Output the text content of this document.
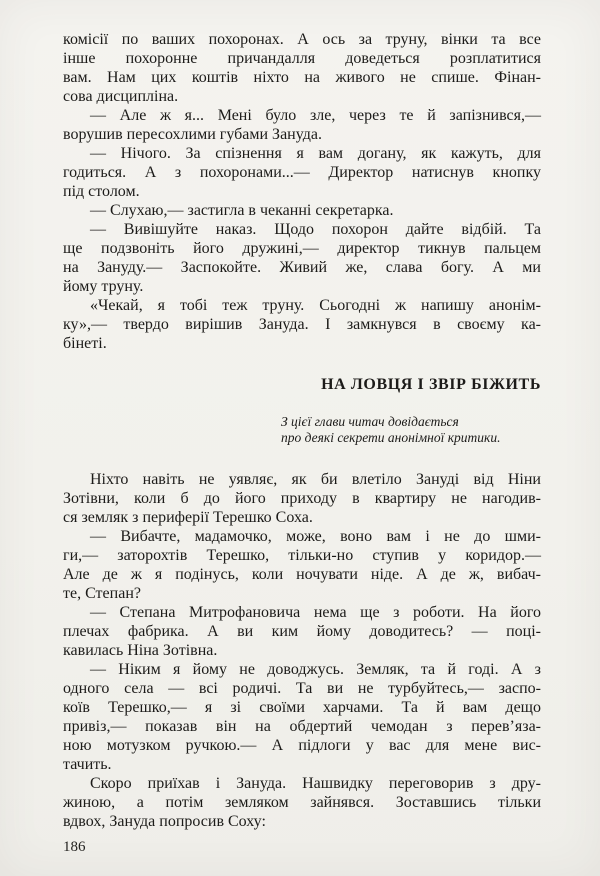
комісії по ваших похоронах. А ось за труну, вінки та все
інше похоронне причандалля доведеться розплатитися
вам. Нам цих коштів ніхто на живого не спише. Фінан-
сова дисципліна.

— Але ж я... Мені було зле, через те й запізнився,—
ворушив пересохлими губами Зануда.

— Нічого. За спізнення я вам догану, як кажуть, для
годиться. А з похоронами...— Директор натиснув кнопку
під столом.

— Слухаю,— застигла в чеканні секретарка.

— Вивішуйте наказ. Щодо похорон дайте відбій. Та
ще подзвоніть його дружині,— директор тикнув пальцем
на Зануду.— Заспокойте. Живий же, слава богу. А ми
йому труну.

«Чекай, я тобі теж труну. Сьогодні ж напишу анонім-
ку»,— твердо вирішив Зануда. І замкнувся в своєму ка-
бінеті.

НА ЛОВЦЯ І ЗВІР БІЖИТЬ
З цієї глави читач довідається
про деякі секрети анонімної критики.

Ніхто навіть не уявляє, як би влетіло Зануді від Ніни
Зотівни, коли б до його приходу в квартиру не нагодив-
ся земляк з периферії Терешко Соха.

— Вибачте, мадамочко, може, воно вам і не до шми-
ги,— заторохтів Терешко, тільки-но ступив у коридор.—
Але де ж я подінусь, коли ночувати ніде. А де ж, вибач-
те, Степан?

— Степана Митрофановича нема ще з роботи. На його
плечах фабрика. А ви ким йому доводитесь? — поці-
кавилась Ніна Зотівна.

— Ніким я йому не доводжусь. Земляк, та й годі. А з
одного села — всі родичі. Та ви не турбуйтесь,— заспо-
коїв Терешко,— я зі своїми харчами. Та й вам дещо
привіз,— показав він на обдертий чемодан з перев’яза-
ною мотузком ручкою.— А підлоги у вас для мене вис-
тачить.

Скоро приїхав і Зануда. Нашвидку переговорив з дру-
жиною, а потім земляком зайнявся. Зоставшись тільки
вдвох, Зануда попросив Соху:

186
